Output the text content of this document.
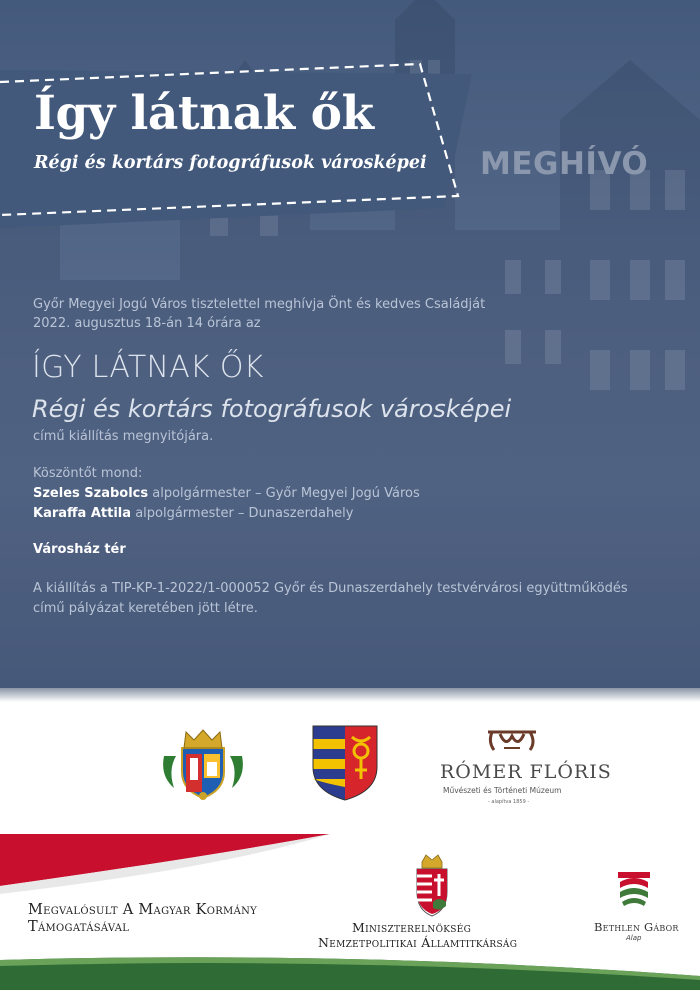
Így látnak ők
Régi és kortárs fotográfusok városképei MEGHÍVÓ
Győr Megyei Jogú Város tisztelettel meghívja Önt és kedves Családját
2022. augusztus 18-án 14 órára az
ÍGY LÁTNAK ŐK
Régi és kortárs fotográfusok városképei
című kiállítás megnyitójára.
Köszöntőt mond:
Szeles Szabolcs alpolgármester – Győr Megyei Jogú Város
Karaffa Attila alpolgármester – Dunaszerdahely
Városház tér
A kiállítás a TIP-KP-1-2022/1-000052 Győr és Dunaszerdahely testvérvárosi együttműködés
című pályázat keretében jött létre.
RÓMER FLÓRIS
Művészeti és Történeti Múzeum
- alapítva 1859 -
Megvalósult A Magyar Kormány
Támogatásával	Miniszterelnökség
Nemzetpolitikai Államtitkárság
Bethlen Gábor
Alap
